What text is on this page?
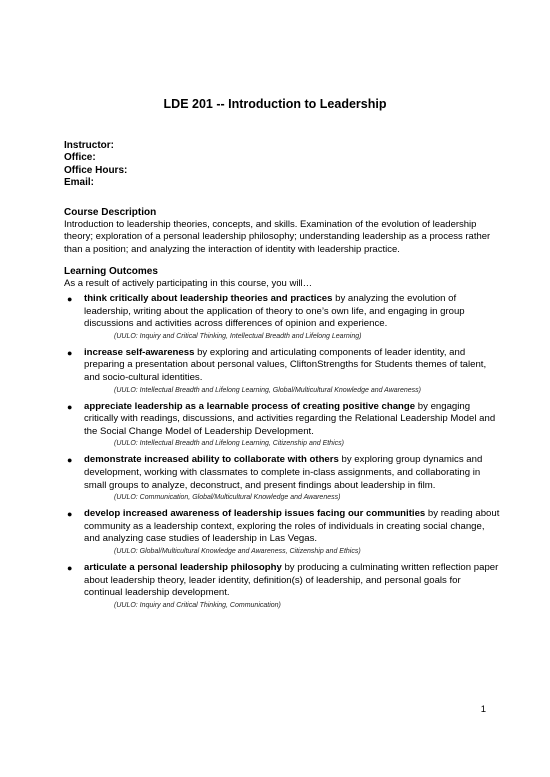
LDE 201 -- Introduction to Leadership
Instructor:
Office:
Office Hours:
Email:
Course Description
Introduction to leadership theories, concepts, and skills. Examination of the evolution of leadership theory; exploration of a personal leadership philosophy; understanding leadership as a process rather than a position; and analyzing the interaction of identity with leadership practice.
Learning Outcomes
As a result of actively participating in this course, you will…
● think critically about leadership theories and practices by analyzing the evolution of leadership, writing about the application of theory to one’s own life, and engaging in group discussions and activities across differences of opinion and experience.
(UULO: Inquiry and Critical Thinking, Intellectual Breadth and Lifelong Learning)
● increase self-awareness by exploring and articulating components of leader identity, and preparing a presentation about personal values, CliftonStrengths for Students themes of talent, and socio-cultural identities.
(UULO: Intellectual Breadth and Lifelong Learning, Global/Multicultural Knowledge and Awareness)
● appreciate leadership as a learnable process of creating positive change by engaging critically with readings, discussions, and activities regarding the Relational Leadership Model and the Social Change Model of Leadership Development.
(UULO: Intellectual Breadth and Lifelong Learning, Citizenship and Ethics)
● demonstrate increased ability to collaborate with others by exploring group dynamics and development, working with classmates to complete in-class assignments, and collaborating in small groups to analyze, deconstruct, and present findings about leadership in film.
(UULO: Communication, Global/Multicultural Knowledge and Awareness)
● develop increased awareness of leadership issues facing our communities by reading about community as a leadership context, exploring the roles of individuals in creating social change, and analyzing case studies of leadership in Las Vegas.
(UULO: Global/Multicultural Knowledge and Awareness, Citizenship and Ethics)
● articulate a personal leadership philosophy by producing a culminating written reflection paper about leadership theory, leader identity, definition(s) of leadership, and personal goals for continual leadership development.
(UULO: Inquiry and Critical Thinking, Communication)
1
